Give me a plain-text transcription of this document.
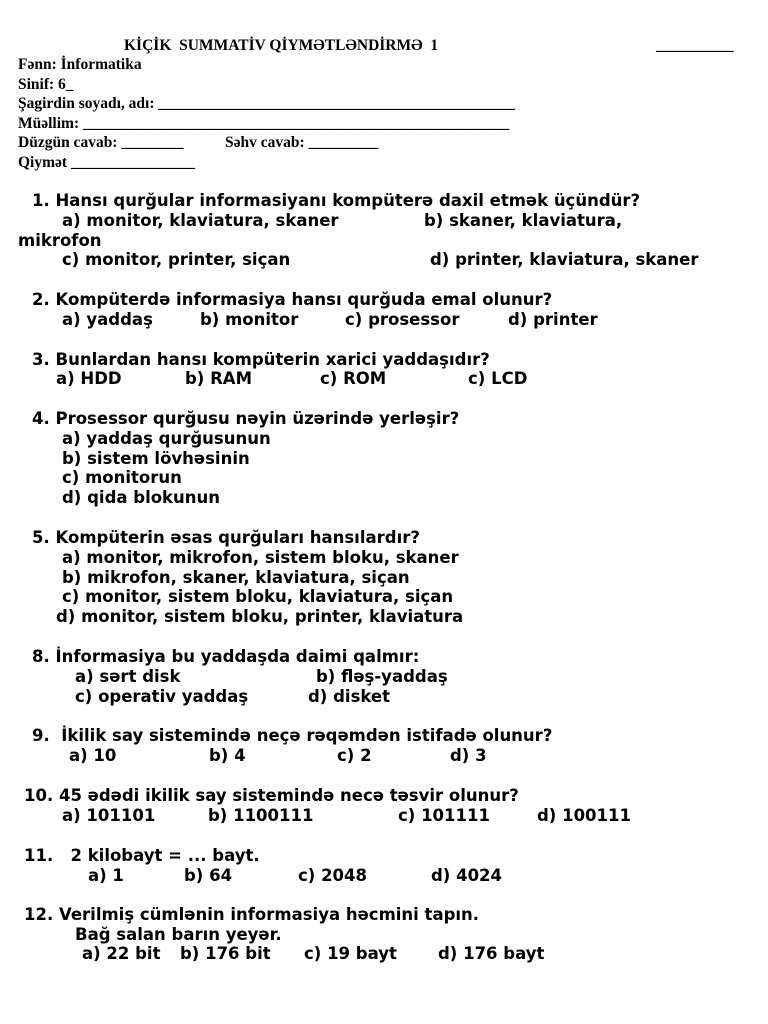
KİÇİK  SUMMATİV QİYMƏTLƏNDİRMƏ  1	__________
Fənn: İnformatika
Sinif: 6_
Şagirdin soyadı, adı: ______________________________________________
Müəllim: _______________________________________________________
Düzgün cavab: ________	Səhv cavab: _________
Qiymət ________________
1. Hansı qurğular informasiyanı kompüterə daxil etmək üçündür?
a) monitor, klaviatura, skaner	b) skaner, klaviatura,
mikrofon
c) monitor, printer, siçan	d) printer, klaviatura, skaner
2. Kompüterdə informasiya hansı qurğuda emal olunur?
a) yaddaş	b) monitor	c) prosessor	d) printer
3. Bunlardan hansı kompüterin xarici yaddaşıdır?
a) HDD	b) RAM	c) ROM	c) LCD
4. Prosessor qurğusu nəyin üzərində yerləşir?
a) yaddaş qurğusunun
b) sistem lövhəsinin
c) monitorun
d) qida blokunun
5. Kompüterin əsas qurğuları hansılardır?
a) monitor, mikrofon, sistem bloku, skaner
b) mikrofon, skaner, klaviatura, siçan
c) monitor, sistem bloku, klaviatura, siçan
d) monitor, sistem bloku, printer, klaviatura
8. İnformasiya bu yaddaşda daimi qalmır:
a) sərt disk	b) fləş-yaddaş
c) operativ yaddaş	d) disket
9.  İkilik say sistemində neçə rəqəmdən istifadə olunur?
a) 10	b) 4	c) 2	d) 3
10. 45 ədədi ikilik say sistemində necə təsvir olunur?
a) 101101	b) 1100111	c) 101111	d) 100111
11.   2 kilobayt = ... bayt.
a) 1	b) 64	c) 2048	d) 4024
12. Verilmiş cümlənin informasiya həcmini tapın.
Bağ salan barın yeyər.
a) 22 bit b) 176 bit c) 19 bayt d) 176 bayt
